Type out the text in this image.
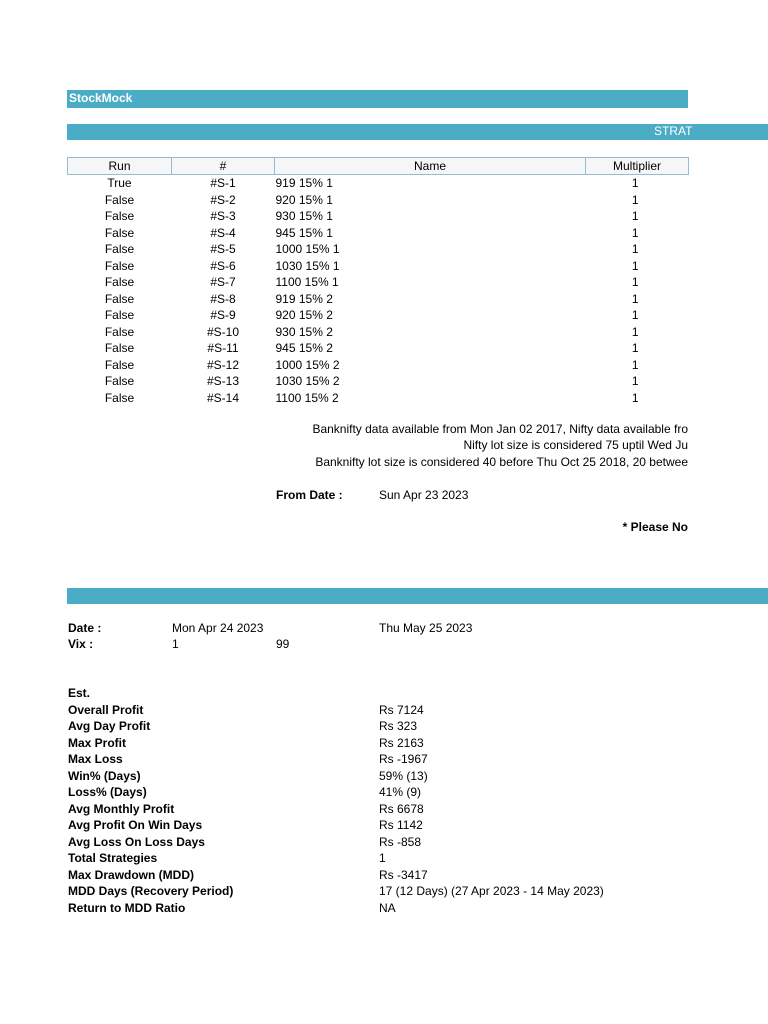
StockMock
STRAT
Run	#	Name	Multiplier
True	#S-1	919 15% 1	1
False	#S-2	920 15% 1	1
False	#S-3	930 15% 1	1
False	#S-4	945 15% 1	1
False	#S-5	1000 15% 1	1
False	#S-6	1030 15% 1	1
False	#S-7	1100 15% 1	1
False	#S-8	919 15% 2	1
False	#S-9	920 15% 2	1
False	#S-10	930 15% 2	1
False	#S-11	945 15% 2	1
False	#S-12	1000 15% 2	1
False	#S-13	1030 15% 2	1
False	#S-14	1100 15% 2	1
Banknifty data available from Mon Jan 02 2017, Nifty data available fro
Nifty lot size is considered 75 uptil Wed Ju
Banknifty lot size is considered 40 before Thu Oct 25 2018, 20 betwee
From Date :	Sun Apr 23 2023
* Please No
Date :	Mon Apr 24 2023	Thu May 25 2023
Vix :	1	99
Est.
Overall Profit	Rs 7124
Avg Day Profit	Rs 323
Max Profit	Rs 2163
Max Loss	Rs -1967
Win% (Days)	59% (13)
Loss% (Days)	41% (9)
Avg Monthly Profit	Rs 6678
Avg Profit On Win Days	Rs 1142
Avg Loss On Loss Days	Rs -858
Total Strategies	1
Max Drawdown (MDD)	Rs -3417
MDD Days (Recovery Period)	17 (12 Days) (27 Apr 2023 - 14 May 2023)
Return to MDD Ratio	NA
